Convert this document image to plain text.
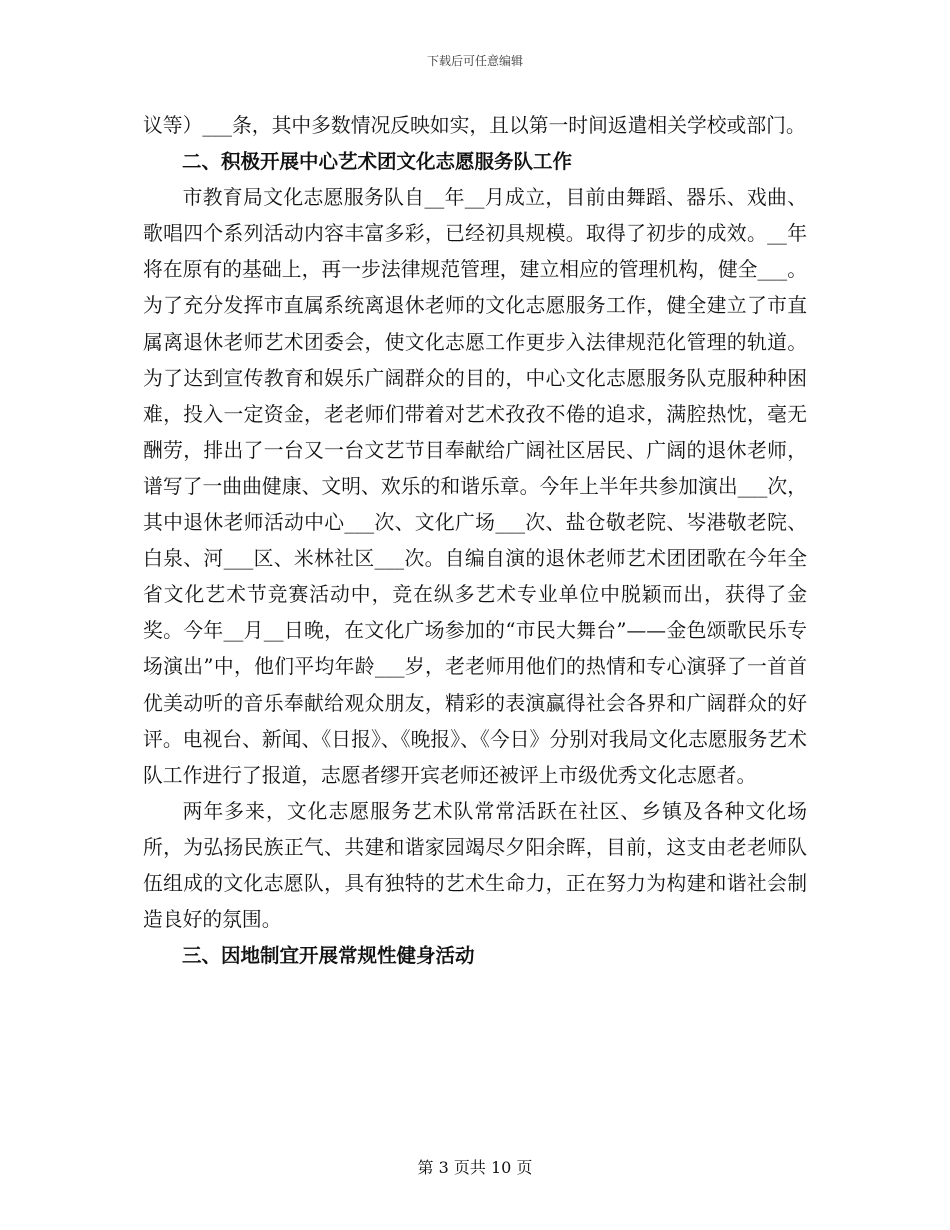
下载后可任意编辑

议等）___条，其中多数情况反映如实，且以第一时间返遣相关学校或部门。

二、积极开展中心艺术团文化志愿服务队工作

市教育局文化志愿服务队自__年__月成立，目前由舞蹈、器乐、戏曲、歌唱四个系列活动内容丰富多彩，已经初具规模。取得了初步的成效。__年将在原有的基础上，再一步法律规范管理，建立相应的管理机构，健全___。为了充分发挥市直属系统离退休老师的文化志愿服务工作，健全建立了市直属离退休老师艺术团委会，使文化志愿工作更步入法律规范化管理的轨道。为了达到宣传教育和娱乐广阔群众的目的，中心文化志愿服务队克服种种困难，投入一定资金，老老师们带着对艺术孜孜不倦的追求，满腔热忱，毫无酬劳，排出了一台又一台文艺节目奉献给广阔社区居民、广阔的退休老师，谱写了一曲曲健康、文明、欢乐的和谐乐章。今年上半年共参加演出___次，其中退休老师活动中心___次、文化广场___次、盐仓敬老院、岑港敬老院、白泉、河___区、米林社区___次。自编自演的退休老师艺术团团歌在今年全省文化艺术节竞赛活动中，竞在纵多艺术专业单位中脱颖而出，获得了金奖。今年__月__日晚，在文化广场参加的“市民大舞台”——金色颂歌民乐专场演出”中，他们平均年龄___岁，老老师用他们的热情和专心演驿了一首首优美动听的音乐奉献给观众朋友，精彩的表演赢得社会各界和广阔群众的好评。电视台、新闻、《日报》、《晚报》、《今日》分别对我局文化志愿服务艺术队工作进行了报道，志愿者缪开宾老师还被评上市级优秀文化志愿者。

两年多来，文化志愿服务艺术队常常活跃在社区、乡镇及各种文化场所，为弘扬民族正气、共建和谐家园竭尽夕阳余晖，目前，这支由老老师队伍组成的文化志愿队，具有独特的艺术生命力，正在努力为构建和谐社会制造良好的氛围。

三、因地制宜开展常规性健身活动

第 3 页共 10 页
